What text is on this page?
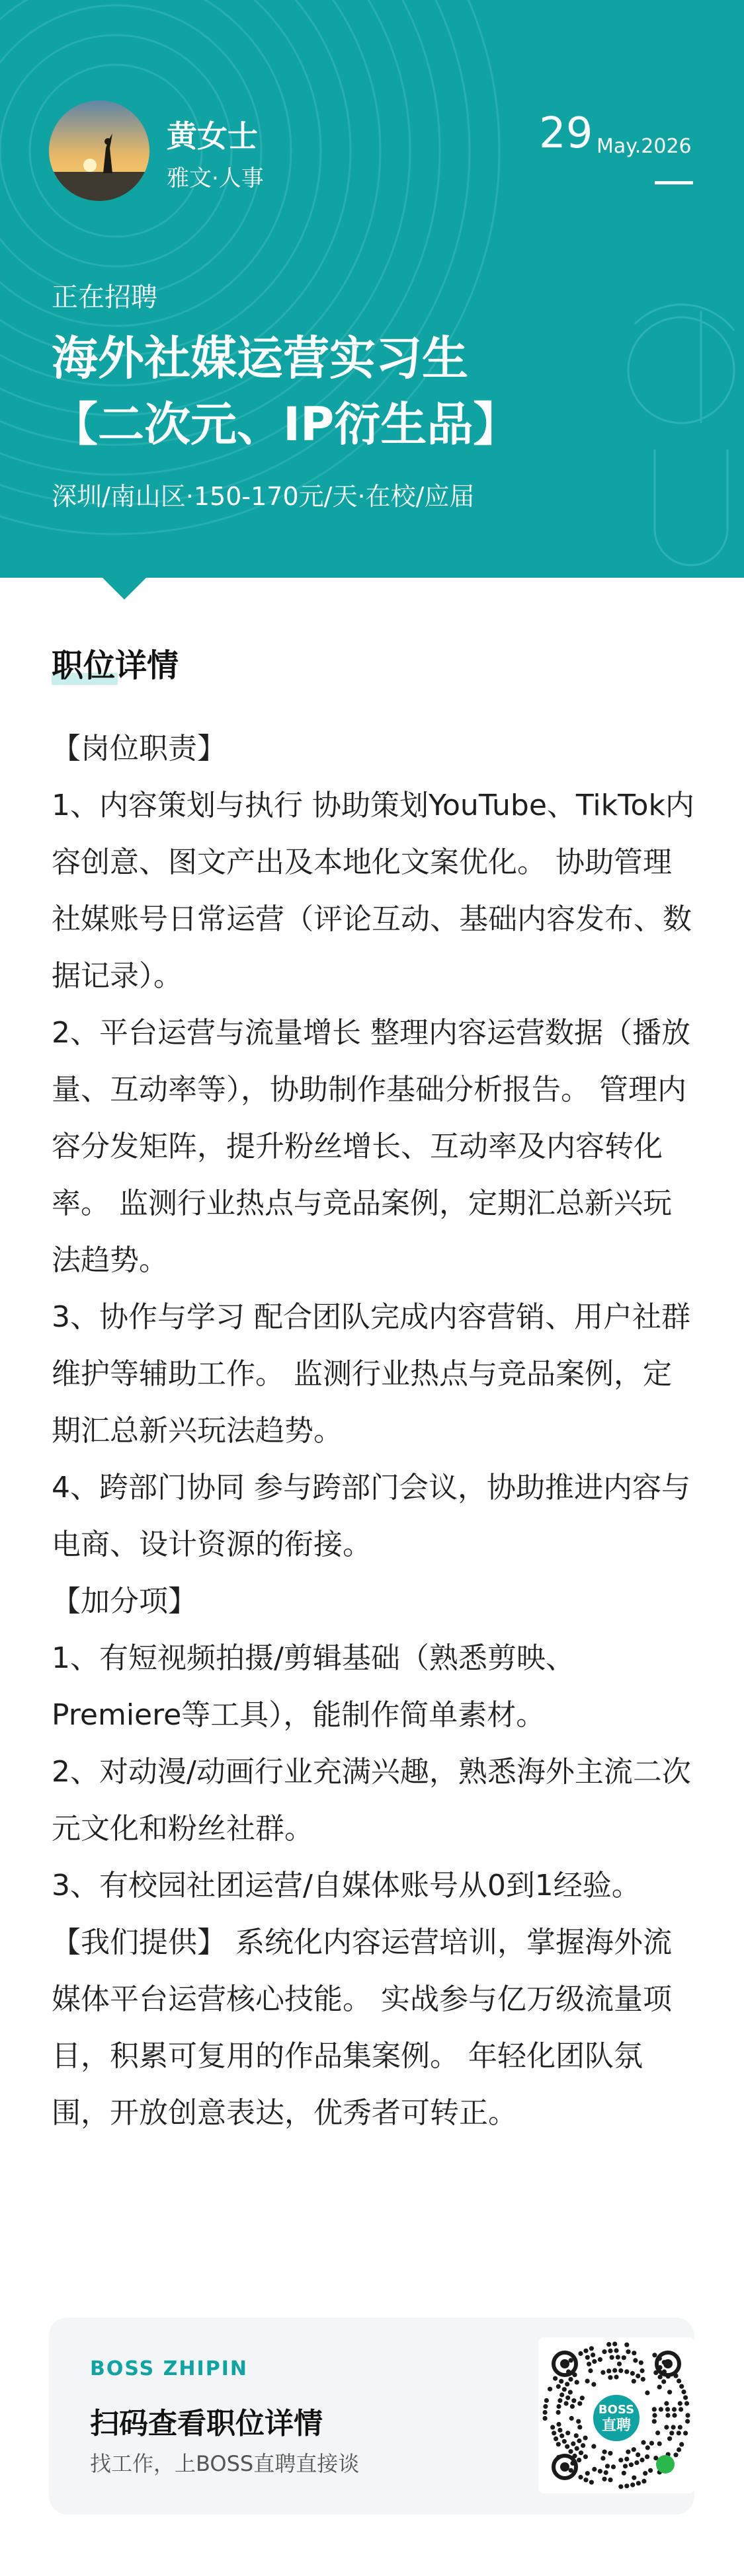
黄女士
雅文·人事
29 May.2026
正在招聘
海外社媒运营实习生
【二次元、IP衍生品】
深圳/南山区·150-170元/天·在校/应届
职位详情

【岗位职责】

1、内容策划与执行 协助策划YouTube、TikTok内容创意、图文产出及本地化文案优化。 协助管理社媒账号日常运营（评论互动、基础内容发布、数据记录）。

2、平台运营与流量增长 整理内容运营数据（播放量、互动率等），协助制作基础分析报告。 管理内容分发矩阵，提升粉丝增长、互动率及内容转化率。 监测行业热点与竞品案例，定期汇总新兴玩法趋势。

3、协作与学习 配合团队完成内容营销、用户社群维护等辅助工作。 监测行业热点与竞品案例，定期汇总新兴玩法趋势。

4、跨部门协同 参与跨部门会议，协助推进内容与电商、设计资源的衔接。

【加分项】

1、有短视频拍摄/剪辑基础（熟悉剪映、Premiere等工具），能制作简单素材。

2、对动漫/动画行业充满兴趣，熟悉海外主流二次元文化和粉丝社群。

3、有校园社团运营/自媒体账号从0到1经验。

【我们提供】 系统化内容运营培训，掌握海外流媒体平台运营核心技能。 实战参与亿万级流量项目，积累可复用的作品集案例。 年轻化团队氛围，开放创意表达，优秀者可转正。

BOSS ZHIPIN
扫码查看职位详情
找工作，上BOSS直聘直接谈
BOSS
直聘
